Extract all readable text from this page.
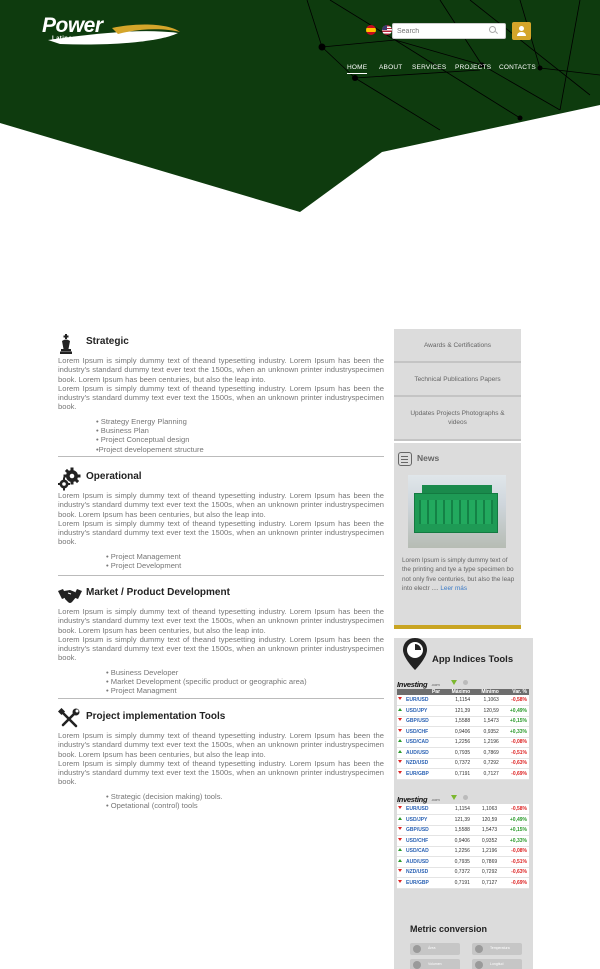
Power
Latinoamerica Inc.
Search
HOME ABOUT SERVICES PROJECTS CONTACTS
Strategic

Lorem Ipsum is simply dummy text of theand typesetting industry. Lorem Ipsum has been the industry's standard dummy text ever text the 1500s, when an unknown printer industryspecimen book. Lorem Ipsum has been centuries, but also the leap into.

Lorem Ipsum is simply dummy text of theand typesetting industry. Lorem Ipsum has been the industry's standard dummy text ever text the 1500s, when an unknown printer industryspecimen book.

• Strategy Energy Planning
• Business Plan
• Project Conceptual design
•Project developement structure
Operational

Lorem Ipsum is simply dummy text of theand typesetting industry. Lorem Ipsum has been the industry's standard dummy text ever text the 1500s, when an unknown printer industryspecimen book. Lorem Ipsum has been centuries, but also the leap into.

Lorem Ipsum is simply dummy text of theand typesetting industry. Lorem Ipsum has been the industry's standard dummy text ever text the 1500s, when an unknown printer industryspecimen book.

• Project Management
• Project Development
Market / Product Development

Lorem Ipsum is simply dummy text of theand typesetting industry. Lorem Ipsum has been the industry's standard dummy text ever text the 1500s, when an unknown printer industryspecimen book. Lorem Ipsum has been centuries, but also the leap into.

Lorem Ipsum is simply dummy text of theand typesetting industry. Lorem Ipsum has been the industry's standard dummy text ever text the 1500s, when an unknown printer industryspecimen book.

• Business Developer
• Market Development (specific product or geographic area)
• Project Managment
Project implementation Tools

Lorem Ipsum is simply dummy text of theand typesetting industry. Lorem Ipsum has been the industry's standard dummy text ever text the 1500s, when an unknown printer industryspecimen book. Lorem Ipsum has been centuries, but also the leap into.

Lorem Ipsum is simply dummy text of theand typesetting industry. Lorem Ipsum has been the industry's standard dummy text ever text the 1500s, when an unknown printer industryspecimen book.

• Strategic (decision making) tools.
• Opetational (control) tools
Awards & Certifications
Technical Publications Papers
Updates Projects Photographs & videos
News

Lorem Ipsum is simply dummy text of the printing and tye a type specimen bo not only five centuries, but also the leap into electr .... Leer más

App Indices Tools
Investing .com
Par	Máximo	Mínimo	Var. %
EUR/USD	1,1154	1,1063	-0,58%
USD/JPY	121,39	120,59	+0,49%
GBP/USD	1,5588	1,5473	+0,15%
USD/CHF	0,9406	0,9352	+0,33%
USD/CAD	1,2256	1,2196	-0,08%
AUD/USD	0,7935	0,7869	-0,51%
NZD/USD	0,7372	0,7292	-0,63%
EUR/GBP	0,7191	0,7127	-0,69%
Investing .com
EUR/USD	1,1154	1,1063	-0,58%
USD/JPY	121,39	120,59	+0,49%
GBP/USD	1,5588	1,5473	+0,15%
USD/CHF	0,9406	0,9352	+0,33%
USD/CAD	1,2256	1,2196	-0,08%
AUD/USD	0,7935	0,7869	-0,51%
NZD/USD	0,7372	0,7292	-0,63%
EUR/GBP	0,7191	0,7127	-0,69%
Metric conversion
Área	Temperatura
Volumen	Longitud
